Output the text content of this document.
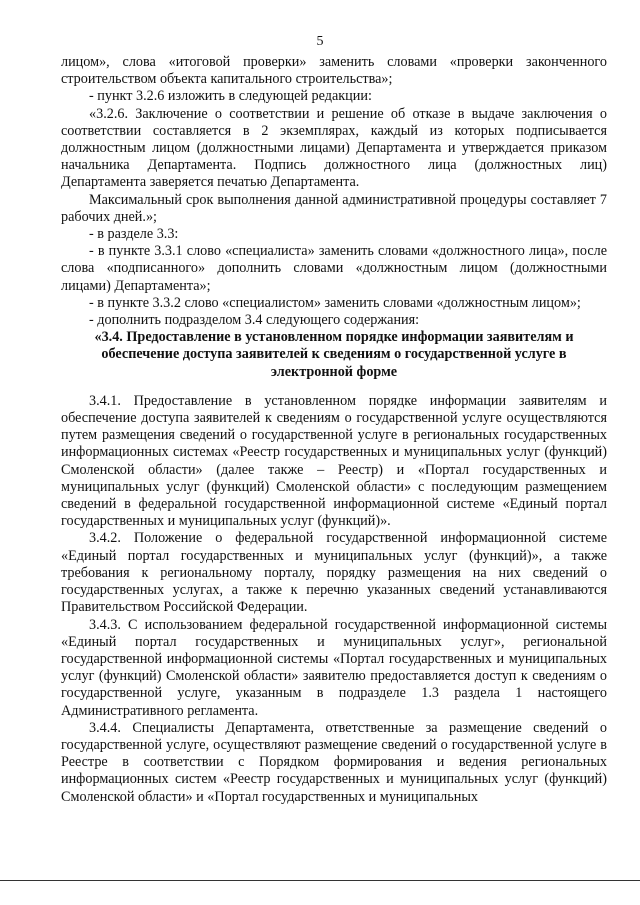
5

лицом», слова «итоговой проверки» заменить словами «проверки законченного строительством объекта капитального строительства»;

- пункт 3.2.6 изложить в следующей редакции:

«3.2.6. Заключение о соответствии и решение об отказе в выдаче заключения о соответствии составляется в 2 экземплярах, каждый из которых подписывается должностным лицом (должностными лицами) Департамента и утверждается приказом начальника Департамента. Подпись должностного лица (должностных лиц) Департамента заверяется печатью Департамента.

Максимальный срок выполнения данной административной процедуры составляет 7 рабочих дней.»;

- в разделе 3.3:

- в пункте 3.3.1 слово «специалиста» заменить словами «должностного лица», после слова «подписанного» дополнить словами «должностным лицом (должностными лицами) Департамента»;

- в пункте 3.3.2 слово «специалистом» заменить словами «должностным лицом»;

- дополнить подразделом 3.4 следующего содержания:

«3.4. Предоставление в установленном порядке информации заявителям и обеспечение доступа заявителей к сведениям о государственной услуге в электронной форме

3.4.1. Предоставление в установленном порядке информации заявителям и обеспечение доступа заявителей к сведениям о государственной услуге осуществляются путем размещения сведений о государственной услуге в региональных государственных информационных системах «Реестр государственных и муниципальных услуг (функций) Смоленской области» (далее также – Реестр) и «Портал государственных и муниципальных услуг (функций) Смоленской области» с последующим размещением сведений в федеральной государственной информационной системе «Единый портал государственных и муниципальных услуг (функций)».

3.4.2. Положение о федеральной государственной информационной системе «Единый портал государственных и муниципальных услуг (функций)», а также требования к региональному порталу, порядку размещения на них сведений о государственных услугах, а также к перечню указанных сведений устанавливаются Правительством Российской Федерации.

3.4.3. С использованием федеральной государственной информационной системы «Единый портал государственных и муниципальных услуг», региональной государственной информационной системы «Портал государственных и муниципальных услуг (функций) Смоленской области» заявителю предоставляется доступ к сведениям о государственной услуге, указанным в подразделе 1.3 раздела 1 настоящего Административного регламента.

3.4.4. Специалисты Департамента, ответственные за размещение сведений о государственной услуге, осуществляют размещение сведений о государственной услуге в Реестре в соответствии с Порядком формирования и ведения региональных информационных систем «Реестр государственных и муниципальных услуг (функций) Смоленской области» и «Портал государственных и муниципальных
